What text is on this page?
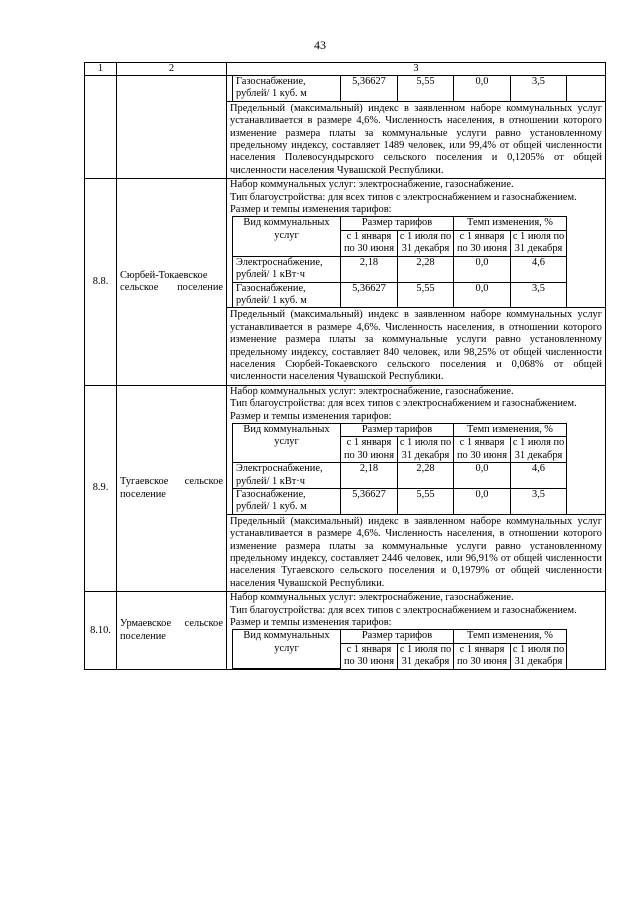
43
1	2	3

Газоснабжение, рублей/ 1 куб. м	5,36627	5,55	0,0	3,5
Предельный (максимальный) индекс в заявленном наборе коммунальных услуг устанавливается в размере 4,6%. Численность населения, в отношении которого изменение размера платы за коммунальные услуги равно установленному предельному индексу, составляет 1489 человек, или 99,4% от общей численности населения Полевосундырского сельского поселения и 0,1205% от общей численности населения Чувашской Республики.

8.8.	Сюрбей-Токаевское сельское поселение	
Набор коммунальных услуг: электроснабжение, газоснабжение.
Тип благоустройства: для всех типов с электроснабжением и газоснабжением.
Размер и темпы изменения тарифов:
Вид коммунальных услуг	Размер тарифов	Темп изменения, %
с 1 января по 30 июня	с 1 июля по 31 декабря	с 1 января по 30 июня	с 1 июля по 31 декабря
Электроснабжение, рублей/ 1 кВт·ч	2,18	2,28	0,0	4,6
Газоснабжение, рублей/ 1 куб. м	5,36627	5,55	0,0	3,5
Предельный (максимальный) индекс в заявленном наборе коммунальных услуг устанавливается в размере 4,6%. Численность населения, в отношении которого изменение размера платы за коммунальные услуги равно установленному предельному индексу, составляет 840 человек, или 98,25% от общей численности населения Сюрбей-Токаевского сельского поселения и 0,068% от общей численности населения Чувашской Республики.

8.9.	Тугаевское сельское поселение	
Набор коммунальных услуг: электроснабжение, газоснабжение.
Тип благоустройства: для всех типов с электроснабжением и газоснабжением.
Размер и темпы изменения тарифов:
Вид коммунальных услуг	Размер тарифов	Темп изменения, %
с 1 января по 30 июня	с 1 июля по 31 декабря	с 1 января по 30 июня	с 1 июля по 31 декабря
Электроснабжение, рублей/ 1 кВт·ч	2,18	2,28	0,0	4,6
Газоснабжение, рублей/ 1 куб. м	5,36627	5,55	0,0	3,5
Предельный (максимальный) индекс в заявленном наборе коммунальных услуг устанавливается в размере 4,6%. Численность населения, в отношении которого изменение размера платы за коммунальные услуги равно установленному предельному индексу, составляет 2446 человек, или 96,91% от общей численности населения Тугаевского сельского поселения и 0,1979% от общей численности населения Чувашской Республики.

8.10.	Урмаевское сельское поселение	
Набор коммунальных услуг: электроснабжение, газоснабжение.
Тип благоустройства: для всех типов с электроснабжением и газоснабжением.
Размер и темпы изменения тарифов:
Вид коммунальных услуг	Размер тарифов	Темп изменения, %
с 1 января по 30 июня	с 1 июля по 31 декабря	с 1 января по 30 июня	с 1 июля по 31 декабря
